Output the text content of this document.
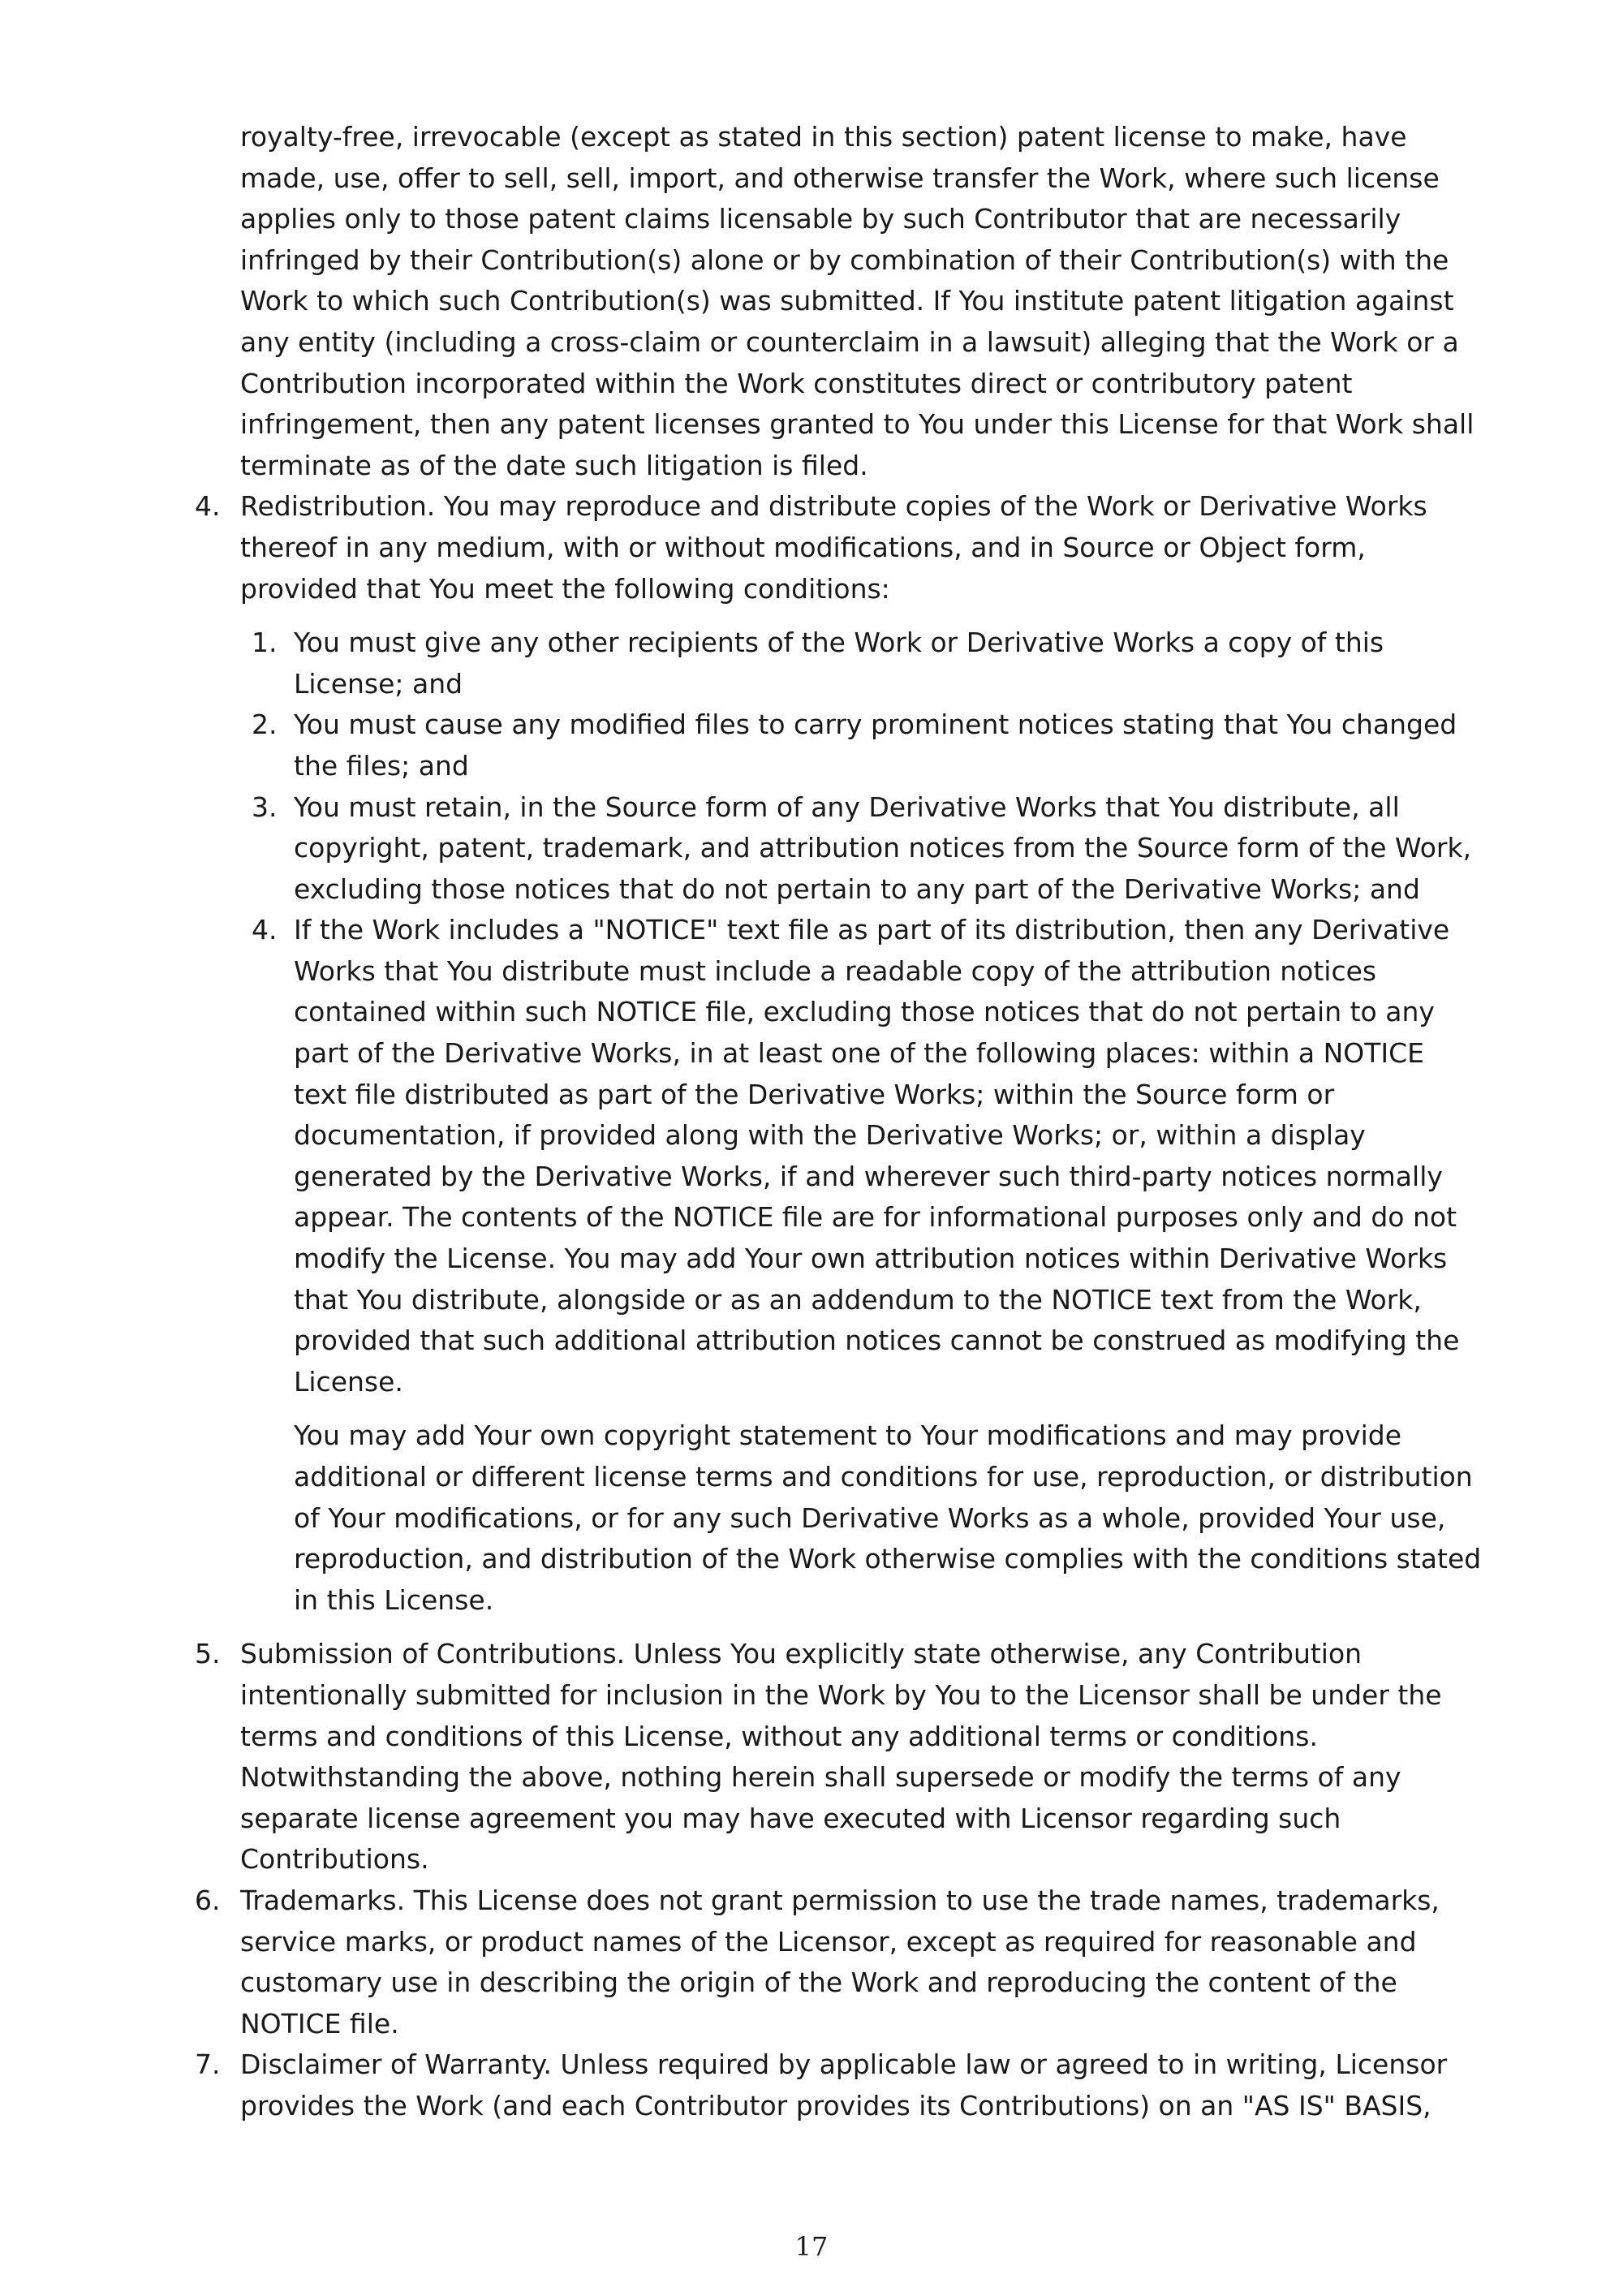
royalty-free, irrevocable (except as stated in this section) patent license to make, have made, use, offer to sell, sell, import, and otherwise transfer the Work, where such license applies only to those patent claims licensable by such Contributor that are necessarily infringed by their Contribution(s) alone or by combination of their Contribution(s) with the Work to which such Contribution(s) was submitted. If You institute patent litigation against any entity (including a cross-claim or counterclaim in a lawsuit) alleging that the Work or a Contribution incorporated within the Work constitutes direct or contributory patent infringement, then any patent licenses granted to You under this License for that Work shall terminate as of the date such litigation is filed.

4. Redistribution. You may reproduce and distribute copies of the Work or Derivative Works thereof in any medium, with or without modifications, and in Source or Object form, provided that You meet the following conditions:

1. You must give any other recipients of the Work or Derivative Works a copy of this License; and

2. You must cause any modified files to carry prominent notices stating that You changed the files; and

3. You must retain, in the Source form of any Derivative Works that You distribute, all copyright, patent, trademark, and attribution notices from the Source form of the Work, excluding those notices that do not pertain to any part of the Derivative Works; and

4. If the Work includes a "NOTICE" text file as part of its distribution, then any Derivative Works that You distribute must include a readable copy of the attribution notices contained within such NOTICE file, excluding those notices that do not pertain to any part of the Derivative Works, in at least one of the following places: within a NOTICE text file distributed as part of the Derivative Works; within the Source form or documentation, if provided along with the Derivative Works; or, within a display generated by the Derivative Works, if and wherever such third-party notices normally appear. The contents of the NOTICE file are for informational purposes only and do not modify the License. You may add Your own attribution notices within Derivative Works that You distribute, alongside or as an addendum to the NOTICE text from the Work, provided that such additional attribution notices cannot be construed as modifying the License.

You may add Your own copyright statement to Your modifications and may provide additional or different license terms and conditions for use, reproduction, or distribution of Your modifications, or for any such Derivative Works as a whole, provided Your use, reproduction, and distribution of the Work otherwise complies with the conditions stated in this License.

5. Submission of Contributions. Unless You explicitly state otherwise, any Contribution intentionally submitted for inclusion in the Work by You to the Licensor shall be under the terms and conditions of this License, without any additional terms or conditions. Notwithstanding the above, nothing herein shall supersede or modify the terms of any separate license agreement you may have executed with Licensor regarding such Contributions.

6. Trademarks. This License does not grant permission to use the trade names, trademarks, service marks, or product names of the Licensor, except as required for reasonable and customary use in describing the origin of the Work and reproducing the content of the NOTICE file.

7. Disclaimer of Warranty. Unless required by applicable law or agreed to in writing, Licensor provides the Work (and each Contributor provides its Contributions) on an "AS IS" BASIS,

17
